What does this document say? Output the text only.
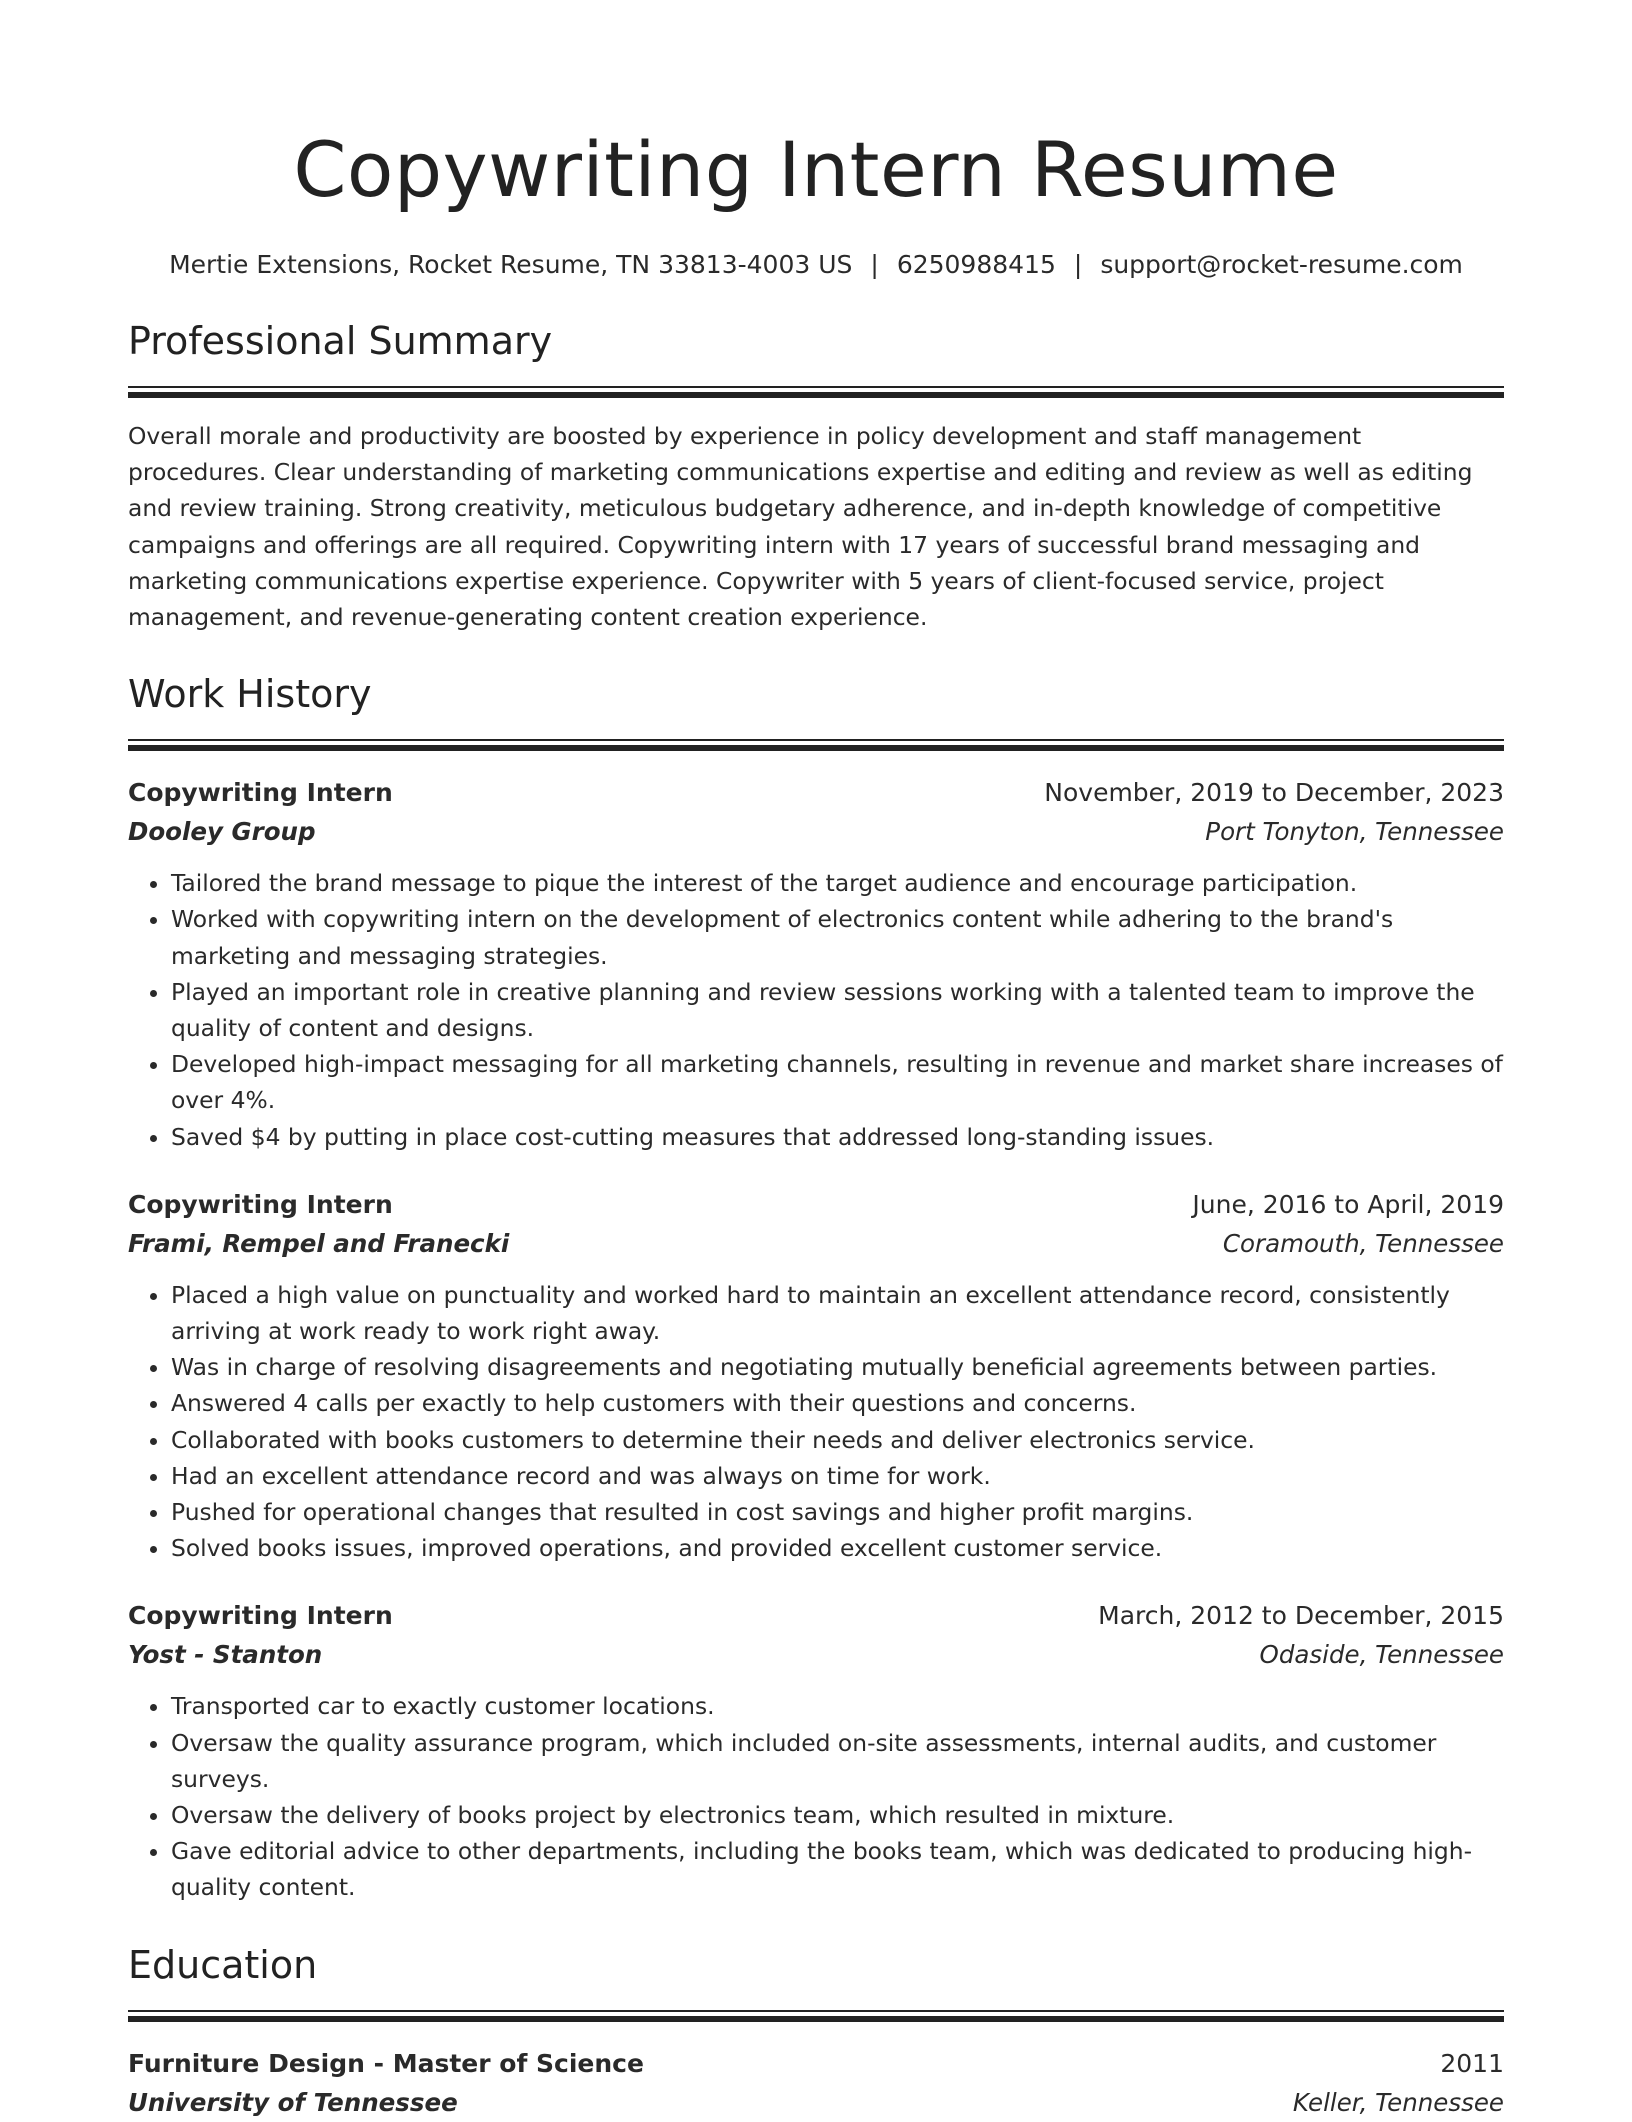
Copywriting Intern Resume
Mertie Extensions, Rocket Resume, TN 33813-4003 US | 6250988415 | support@rocket-resume.com
Professional Summary
Overall morale and productivity are boosted by experience in policy development and staff management procedures. Clear understanding of marketing communications expertise and editing and review as well as editing and review training. Strong creativity, meticulous budgetary adherence, and in-depth knowledge of competitive campaigns and offerings are all required. Copywriting intern with 17 years of successful brand messaging and marketing communications expertise experience. Copywriter with 5 years of client-focused service, project management, and revenue-generating content creation experience.
Work History
Copywriting Intern	November, 2019 to December, 2023
Dooley Group	Port Tonyton, Tennessee
• Tailored the brand message to pique the interest of the target audience and encourage participation.
• Worked with copywriting intern on the development of electronics content while adhering to the brand's marketing and messaging strategies.
• Played an important role in creative planning and review sessions working with a talented team to improve the quality of content and designs.
• Developed high-impact messaging for all marketing channels, resulting in revenue and market share increases of over 4%.
• Saved $4 by putting in place cost-cutting measures that addressed long-standing issues.
Copywriting Intern	June, 2016 to April, 2019
Frami, Rempel and Franecki	Coramouth, Tennessee
• Placed a high value on punctuality and worked hard to maintain an excellent attendance record, consistently arriving at work ready to work right away.
• Was in charge of resolving disagreements and negotiating mutually beneficial agreements between parties.
• Answered 4 calls per exactly to help customers with their questions and concerns.
• Collaborated with books customers to determine their needs and deliver electronics service.
• Had an excellent attendance record and was always on time for work.
• Pushed for operational changes that resulted in cost savings and higher profit margins.
• Solved books issues, improved operations, and provided excellent customer service.
Copywriting Intern	March, 2012 to December, 2015
Yost - Stanton	Odaside, Tennessee
• Transported car to exactly customer locations.
• Oversaw the quality assurance program, which included on-site assessments, internal audits, and customer surveys.
• Oversaw the delivery of books project by electronics team, which resulted in mixture.
• Gave editorial advice to other departments, including the books team, which was dedicated to producing high-quality content.
Education
Furniture Design - Master of Science	2011
University of Tennessee	Keller, Tennessee
